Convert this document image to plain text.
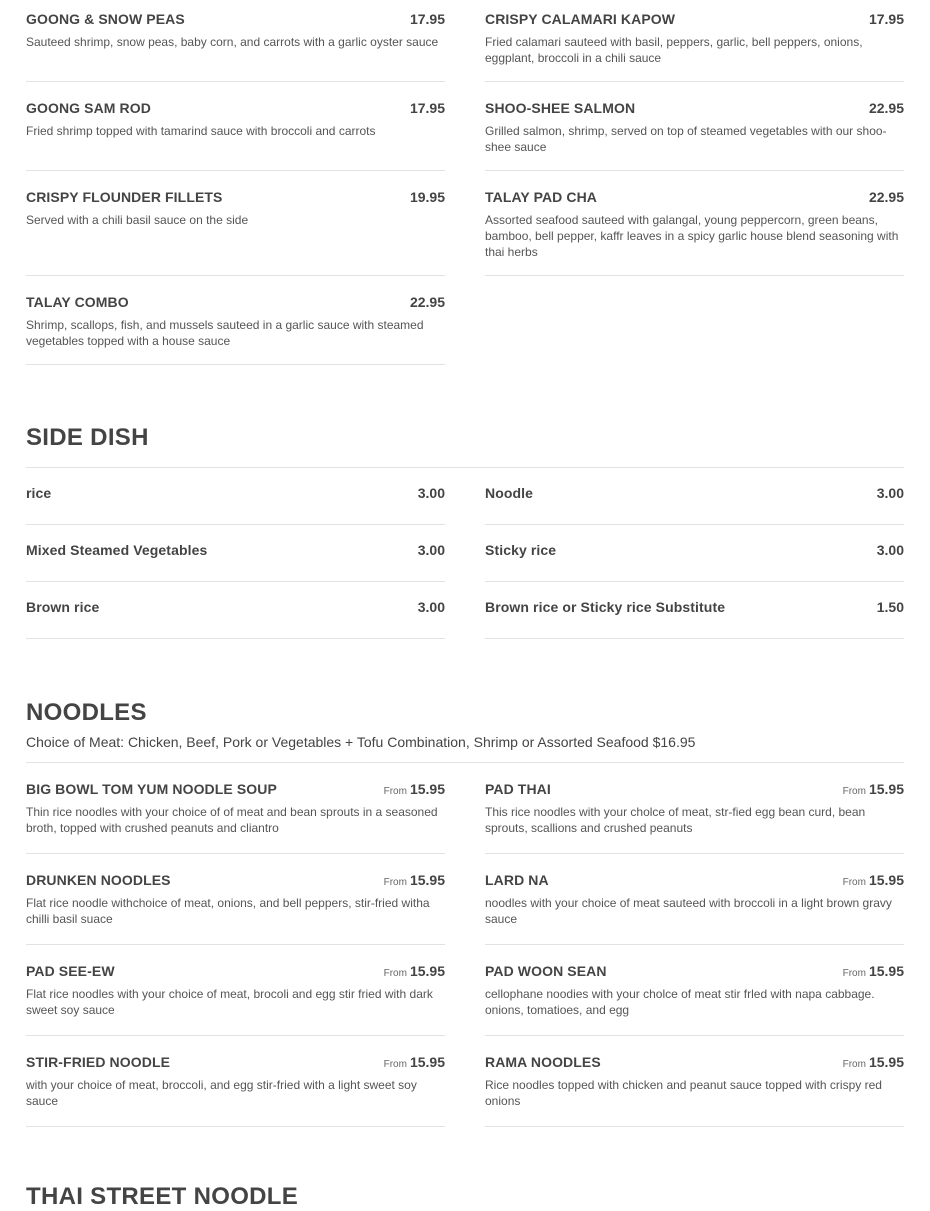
GOONG & SNOW PEAS	17.95
Sauteed shrimp, snow peas, baby corn, and carrots with a garlic oyster sauce
GOONG SAM ROD	17.95
Fried shrimp topped with tamarind sauce with broccoli and carrots
CRISPY FLOUNDER FILLETS	19.95
Served with a chili basil sauce on the side
TALAY COMBO	22.95
Shrimp, scallops, fish, and mussels sauteed in a garlic sauce with steamed vegetables topped with a house sauce
CRISPY CALAMARI KAPOW	17.95
Fried calamari sauteed with basil, peppers, garlic, bell peppers, onions, eggplant, broccoli in a chili sauce
SHOO-SHEE SALMON	22.95
Grilled salmon, shrimp, served on top of steamed vegetables with our shoo-shee sauce
TALAY PAD CHA	22.95
Assorted seafood sauteed with galangal, young peppercorn, green beans, bamboo, bell pepper, kaffr leaves in a spicy garlic house blend seasoning with thai herbs
SIDE DISH
rice	3.00
Mixed Steamed Vegetables	3.00
Brown rice	3.00
Noodle	3.00
Sticky rice	3.00
Brown rice or Sticky rice Substitute	1.50
NOODLES
Choice of Meat: Chicken, Beef, Pork or Vegetables + Tofu Combination, Shrimp or Assorted Seafood $16.95
BIG BOWL TOM YUM NOODLE SOUP	From 15.95
Thin rice noodles with your choice of of meat and bean sprouts in a seasoned broth, topped with crushed peanuts and cliantro
DRUNKEN NOODLES	From 15.95
Flat rice noodle withchoice of meat, onions, and bell peppers, stir-fried witha chilli basil suace
PAD SEE-EW	From 15.95
Flat rice noodles with your choice of meat, brocoli and egg stir fried with dark sweet soy sauce
STIR-FRIED NOODLE	From 15.95
with your choice of meat, broccoli, and egg stir-fried with a light sweet soy sauce
PAD THAI	From 15.95
This rice noodles with your cholce of meat, str-fied egg bean curd, bean sprouts, scallions and crushed peanuts
LARD NA	From 15.95
noodles with your choice of meat sauteed with broccoli in a light brown gravy sauce
PAD WOON SEAN	From 15.95
cellophane noodies with your cholce of meat stir frled with napa cabbage. onions, tomatioes, and egg
RAMA NOODLES	From 15.95
Rice noodles topped with chicken and peanut sauce topped with crispy red onions
THAI STREET NOODLE
